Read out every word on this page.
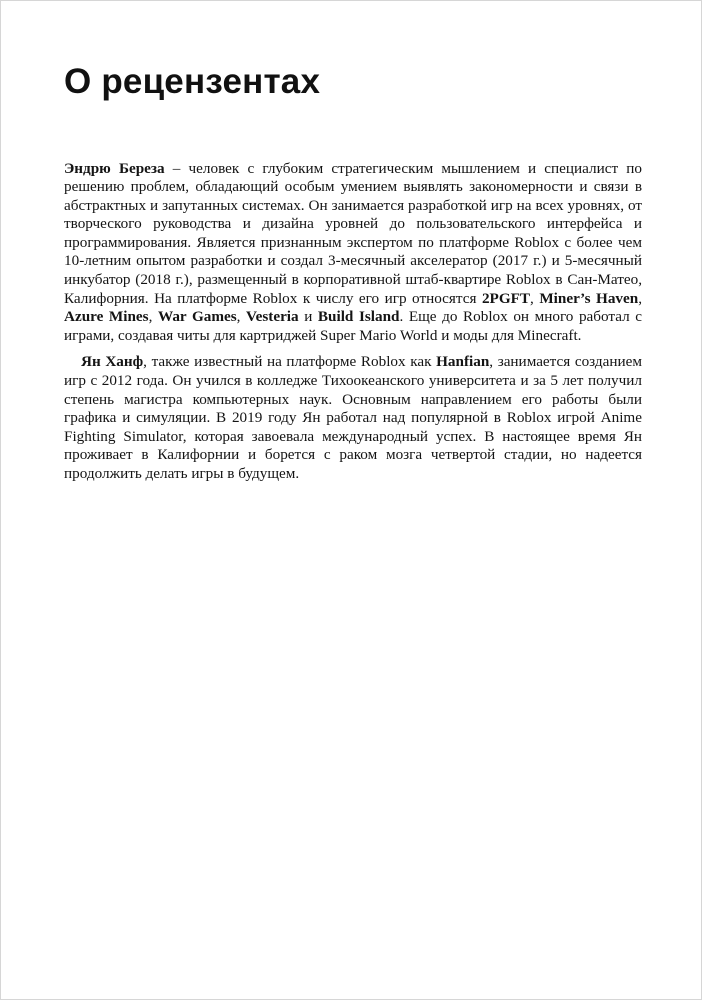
О рецензентах

Эндрю Береза – человек с глубоким стратегическим мышлением и специалист по решению проблем, обладающий особым умением выявлять закономерности и связи в абстрактных и запутанных системах. Он занимается разработкой игр на всех уровнях, от творческого руководства и дизайна уровней до пользовательского интерфейса и программирования. Является признанным экспертом по платформе Roblox с более чем 10-летним опытом разработки и создал 3-месячный акселератор (2017 г.) и 5-месячный инкубатор (2018 г.), размещенный в корпоративной штаб-квартире Roblox в Сан-Матео, Калифорния. На платформе Roblox к числу его игр относятся 2PGFT, Miner’s Haven, Azure Mines, War Games, Vesteria и Build Island. Еще до Roblox он много работал с играми, создавая читы для картриджей Super Mario World и моды для Minecraft.

Ян Ханф, также известный на платформе Roblox как Hanfian, занимается созданием игр с 2012 года. Он учился в колледже Тихоокеанского университета и за 5 лет получил степень магистра компьютерных наук. Основным направлением его работы были графика и симуляции. В 2019 году Ян работал над популярной в Roblox игрой Anime Fighting Simulator, которая завоевала международный успех. В настоящее время Ян проживает в Калифорнии и борется с раком мозга четвертой стадии, но надеется продолжить делать игры в будущем.
